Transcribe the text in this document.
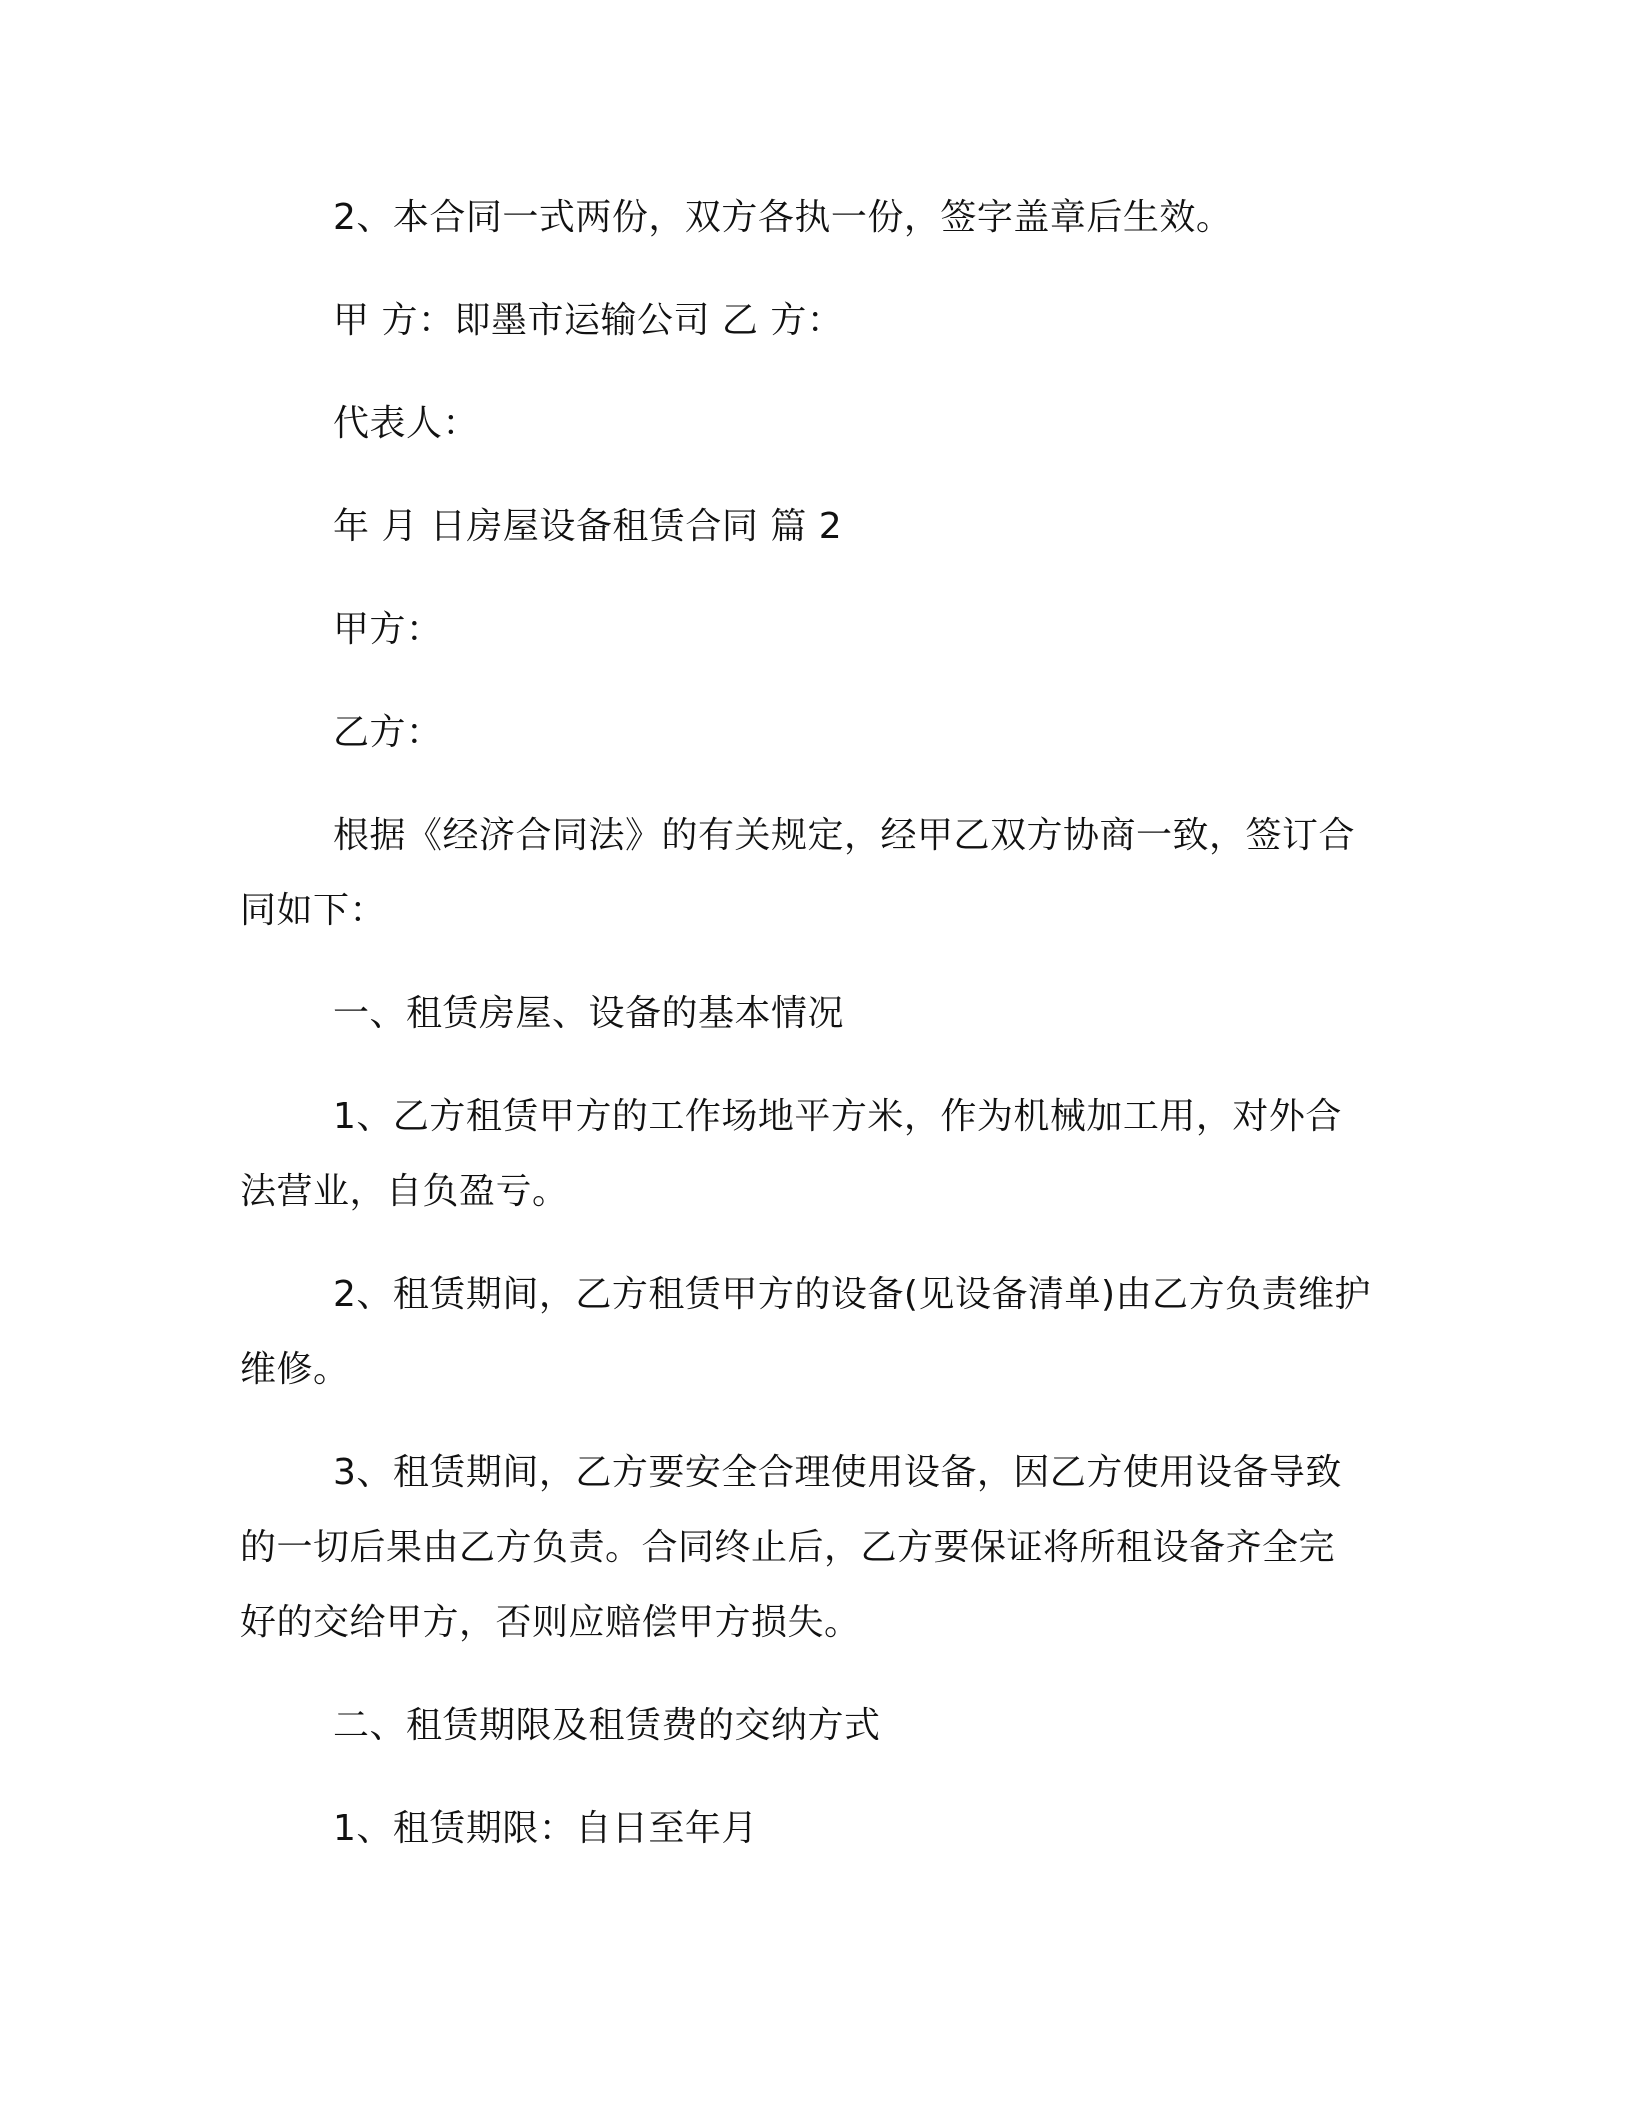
2、本合同一式两份，双方各执一份，签字盖章后生效。
甲 方：即墨市运输公司 乙 方：
代表人：
年 月 日房屋设备租赁合同 篇 2
甲方：
乙方：
根据《经济合同法》的有关规定，经甲乙双方协商一致，签订合
同如下：
一、租赁房屋、设备的基本情况
1、乙方租赁甲方的工作场地平方米，作为机械加工用，对外合
法营业，自负盈亏。
2、租赁期间，乙方租赁甲方的设备(见设备清单)由乙方负责维护
维修。
3、租赁期间，乙方要安全合理使用设备，因乙方使用设备导致
的一切后果由乙方负责。合同终止后，乙方要保证将所租设备齐全完
好的交给甲方，否则应赔偿甲方损失。
二、租赁期限及租赁费的交纳方式
1、租赁期限：自日至年月
